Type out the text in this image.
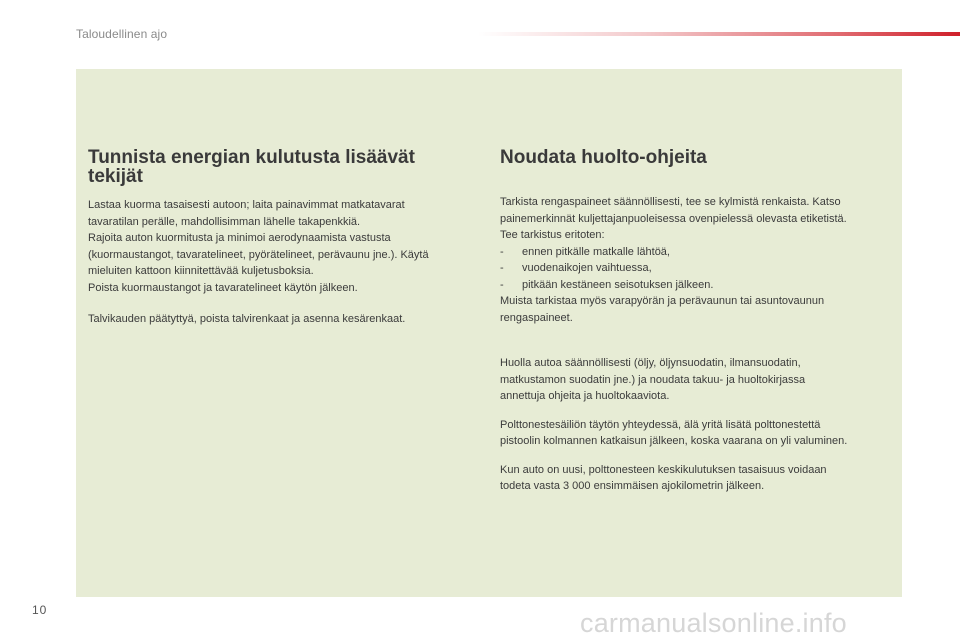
Taloudellinen ajo
Tunnista energian kulutusta lisäävät tekijät

Lastaa kuorma tasaisesti autoon; laita painavimmat matkatavarat
tavaratilan perälle, mahdollisimman lähelle takapenkkiä.
Rajoita auton kuormitusta ja minimoi aerodynaamista vastusta
(kuormaustangot, tavaratelineet, pyörätelineet, perävaunu jne.). Käytä
mieluiten kattoon kiinnitettävää kuljetusboksia.
Poista kuormaustangot ja tavaratelineet käytön jälkeen.

Talvikauden päätyttyä, poista talvirenkaat ja asenna kesärenkaat.

Noudata huolto-ohjeita

Tarkista rengaspaineet säännöllisesti, tee se kylmistä renkaista. Katso
painemerkinnät kuljettajanpuoleisessa ovenpielessä olevasta etiketistä.
Tee tarkistus eritoten:
- ennen pitkälle matkalle lähtöä,
- vuodenaikojen vaihtuessa,
- pitkään kestäneen seisotuksen jälkeen.
Muista tarkistaa myös varapyörän ja perävaunun tai asuntovaunun
rengaspaineet.

Huolla autoa säännöllisesti (öljy, öljynsuodatin, ilmansuodatin,
matkustamon suodatin jne.) ja noudata takuu- ja huoltokirjassa
annettuja ohjeita ja huoltokaaviota.

Polttonestesäiliön täytön yhteydessä, älä yritä lisätä polttonestettä
pistoolin kolmannen katkaisun jälkeen, koska vaarana on yli valuminen.

Kun auto on uusi, polttonesteen keskikulutuksen tasaisuus voidaan
todeta vasta 3 000 ensimmäisen ajokilometrin jälkeen.

10	carmanualsonline.info
